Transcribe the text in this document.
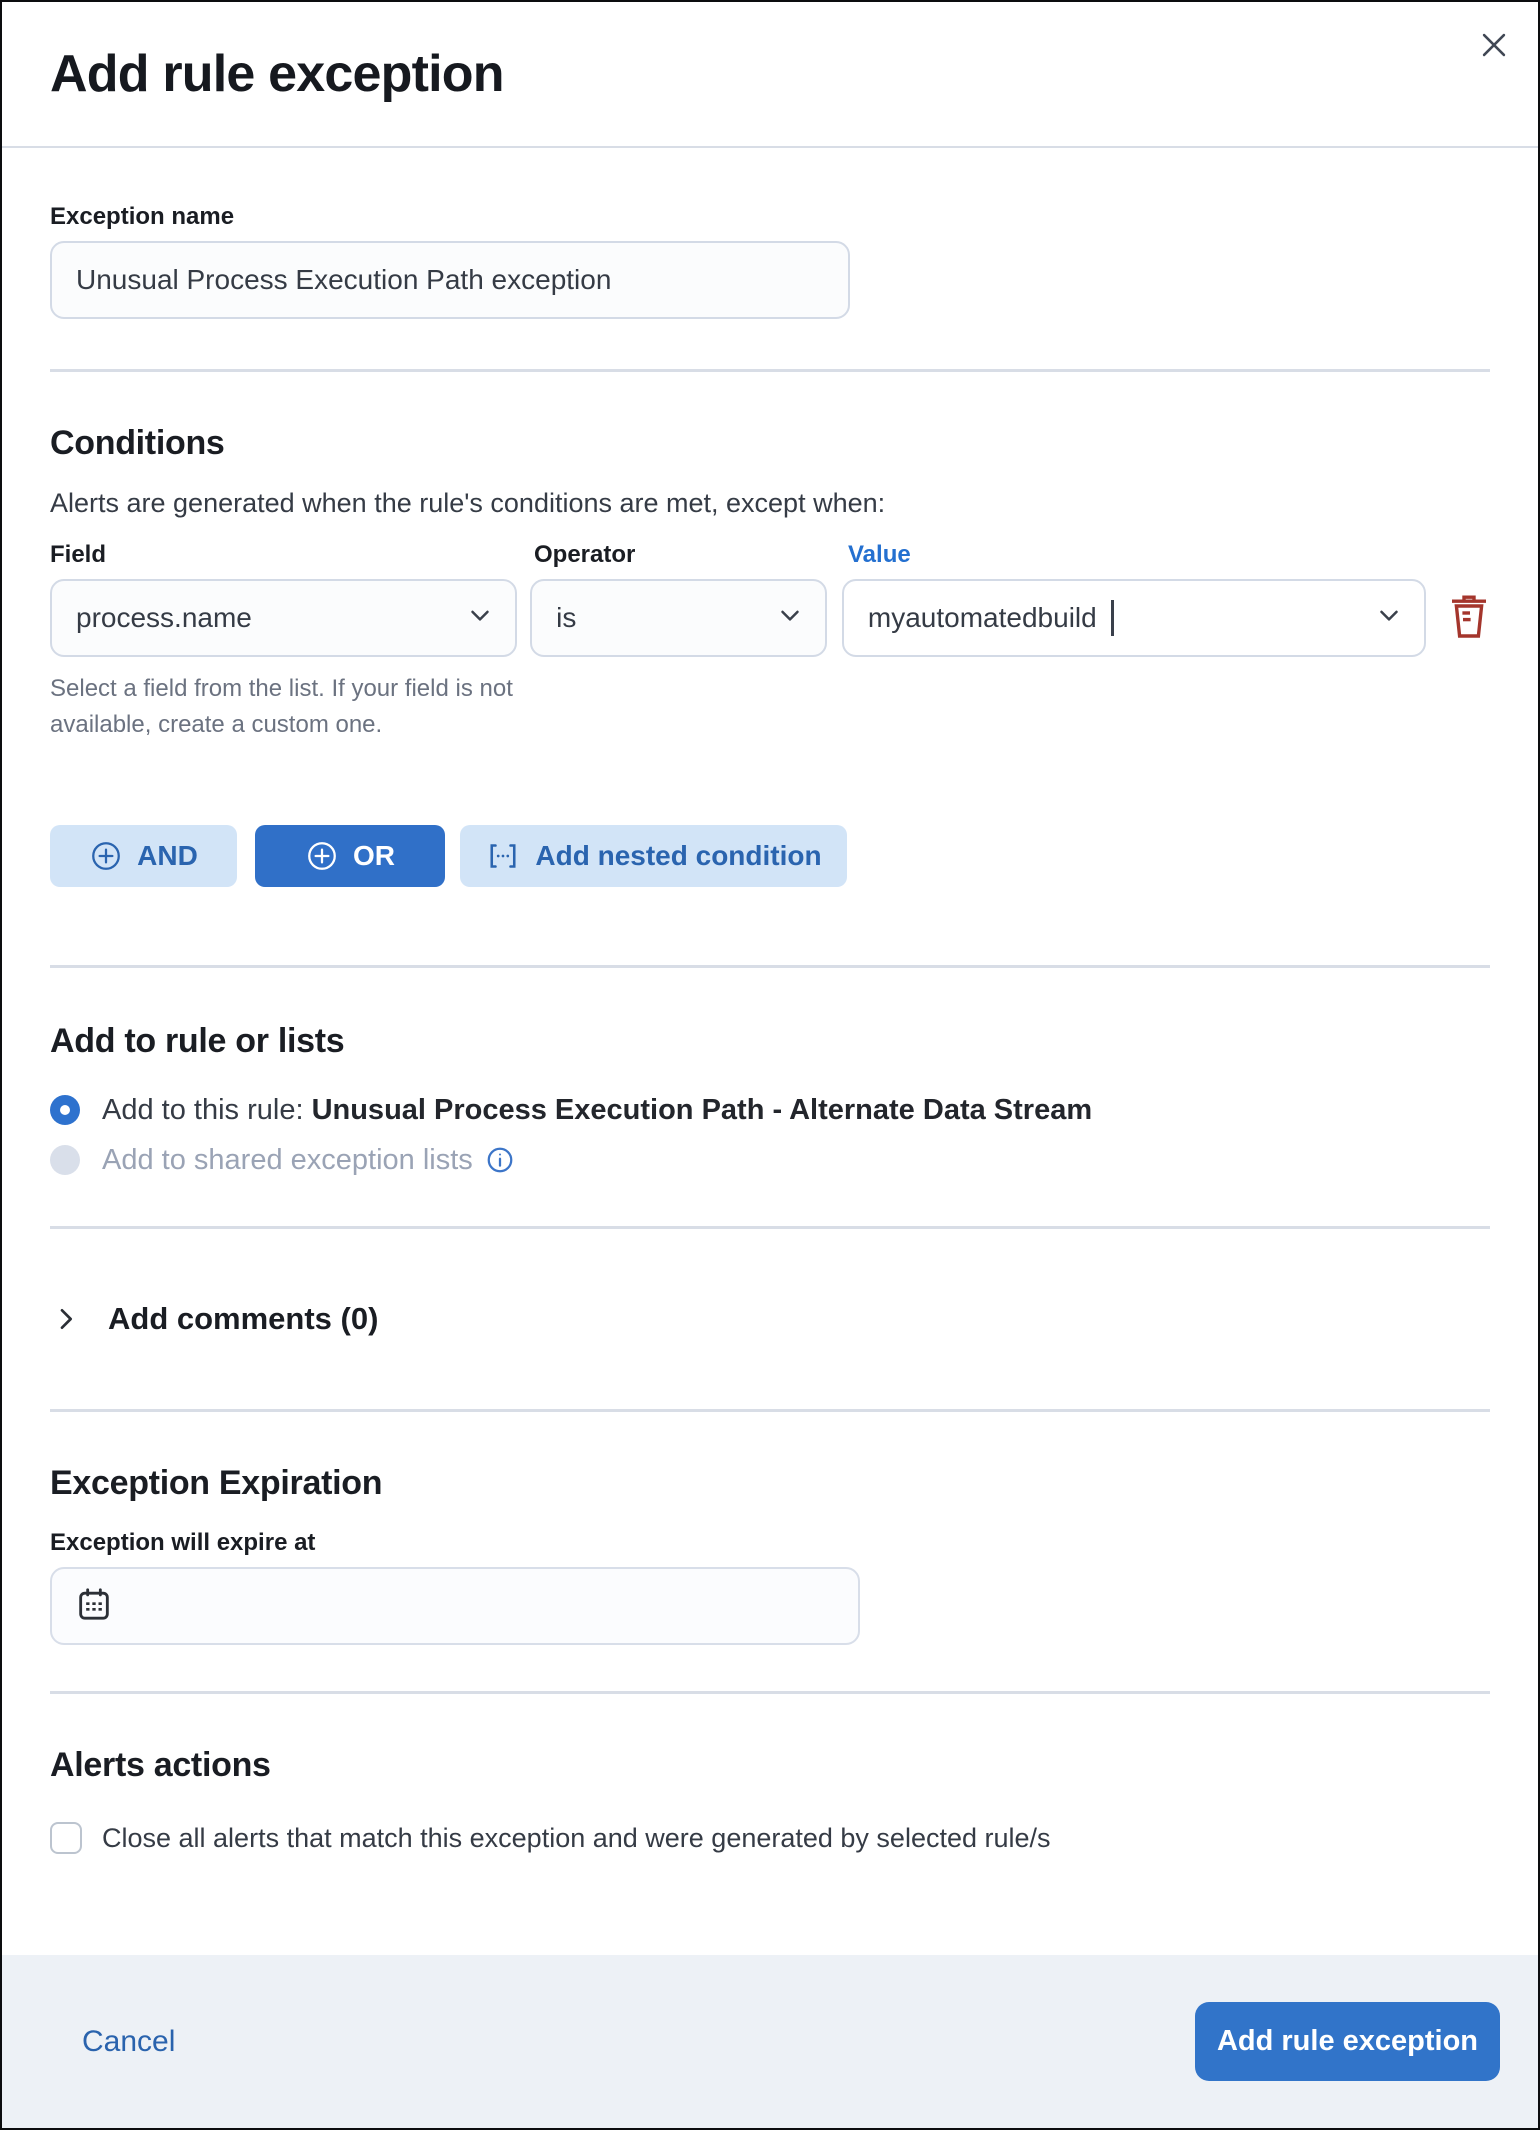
Add rule exception
Exception name
Unusual Process Execution Path exception
Conditions
Alerts are generated when the rule's conditions are met, except when:
Field	Operator	Value
process.name	is	myautomatedbuild
Select a field from the list. If your field is not available, create a custom one.
AND	OR	Add nested condition
Add to rule or lists
Add to this rule: Unusual Process Execution Path - Alternate Data Stream
Add to shared exception lists
Add comments (0)
Exception Expiration
Exception will expire at
Alerts actions
Close all alerts that match this exception and were generated by selected rule/s
Cancel	Add rule exception
